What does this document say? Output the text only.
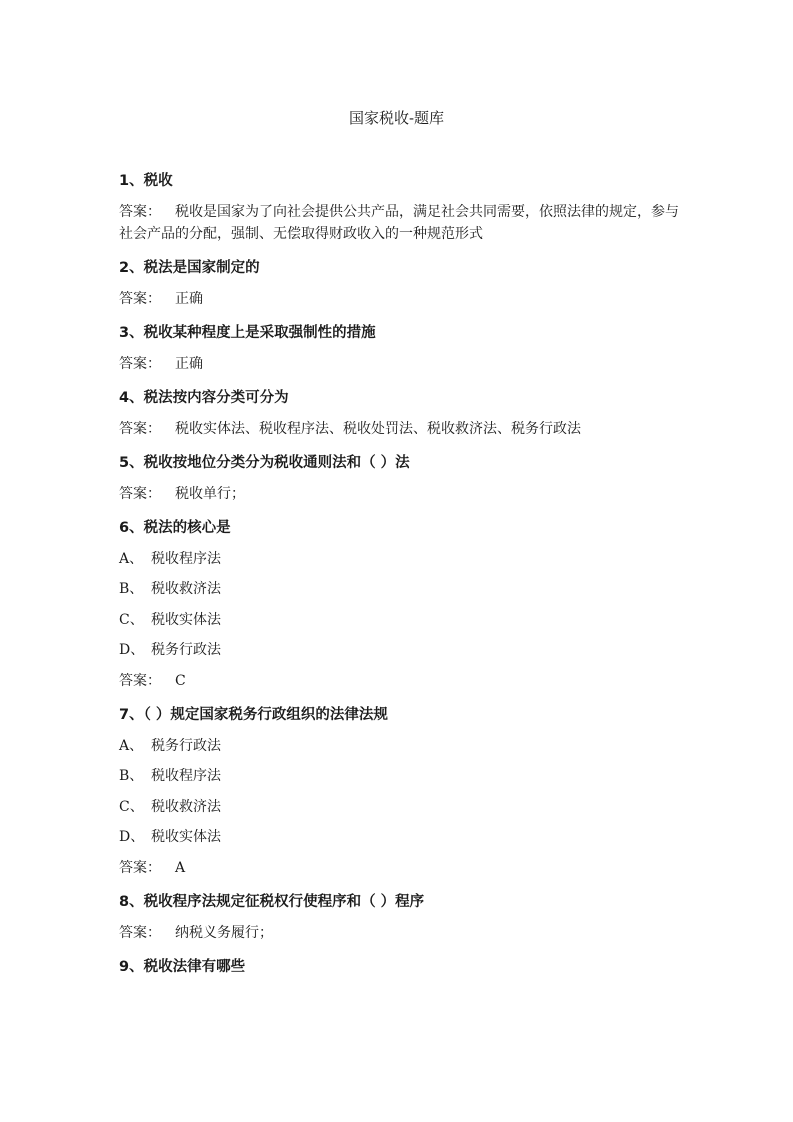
国家税收-题库
1、税收
答案： 税收是国家为了向社会提供公共产品，满足社会共同需要，依照法律的规定，参与社会产品的分配，强制、无偿取得财政收入的一种规范形式
2、税法是国家制定的
答案： 正确
3、税收某种程度上是采取强制性的措施
答案： 正确
4、税法按内容分类可分为
答案： 税收实体法、税收程序法、税收处罚法、税收救济法、税务行政法
5、税收按地位分类分为税收通则法和（ ）法
答案： 税收单行；
6、税法的核心是
A、 税收程序法
B、 税收救济法
C、 税收实体法
D、 税务行政法
答案： C
7、（ ）规定国家税务行政组织的法律法规
A、 税务行政法
B、 税收程序法
C、 税收救济法
D、 税收实体法
答案： A
8、税收程序法规定征税权行使程序和（ ）程序
答案： 纳税义务履行；
9、税收法律有哪些
